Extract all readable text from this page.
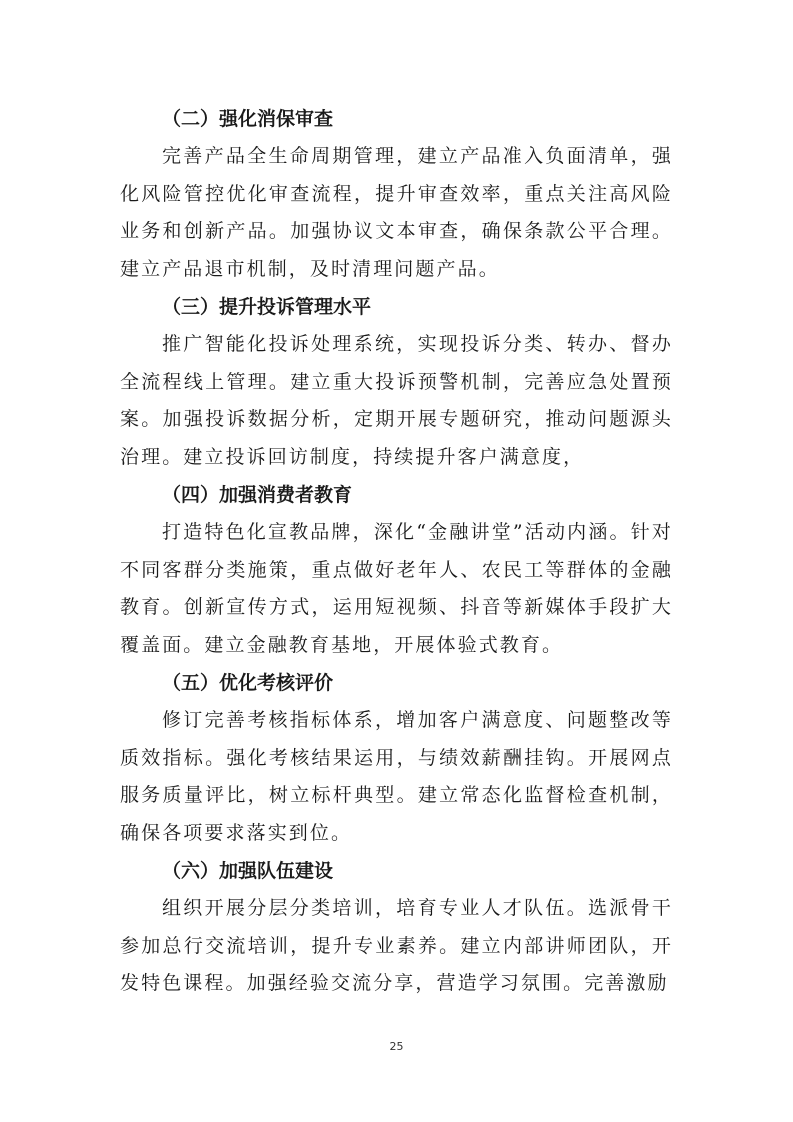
（二）强化消保审查

完善产品全生命周期管理，建立产品准入负面清单，强化风险管控优化审查流程，提升审查效率，重点关注高风险业务和创新产品。加强协议文本审查，确保条款公平合理。建立产品退市机制，及时清理问题产品。

（三）提升投诉管理水平

推广智能化投诉处理系统，实现投诉分类、转办、督办全流程线上管理。建立重大投诉预警机制，完善应急处置预案。加强投诉数据分析，定期开展专题研究，推动问题源头治理。建立投诉回访制度，持续提升客户满意度，

（四）加强消费者教育

打造特色化宣教品牌，深化“金融讲堂”活动内涵。针对不同客群分类施策，重点做好老年人、农民工等群体的金融教育。创新宣传方式，运用短视频、抖音等新媒体手段扩大覆盖面。建立金融教育基地，开展体验式教育。

（五）优化考核评价

修订完善考核指标体系，增加客户满意度、问题整改等质效指标。强化考核结果运用，与绩效薪酬挂钩。开展网点服务质量评比，树立标杆典型。建立常态化监督检查机制，确保各项要求落实到位。

（六）加强队伍建设

组织开展分层分类培训，培育专业人才队伍。选派骨干参加总行交流培训，提升专业素养。建立内部讲师团队，开发特色课程。加强经验交流分享，营造学习氛围。完善激励

25
